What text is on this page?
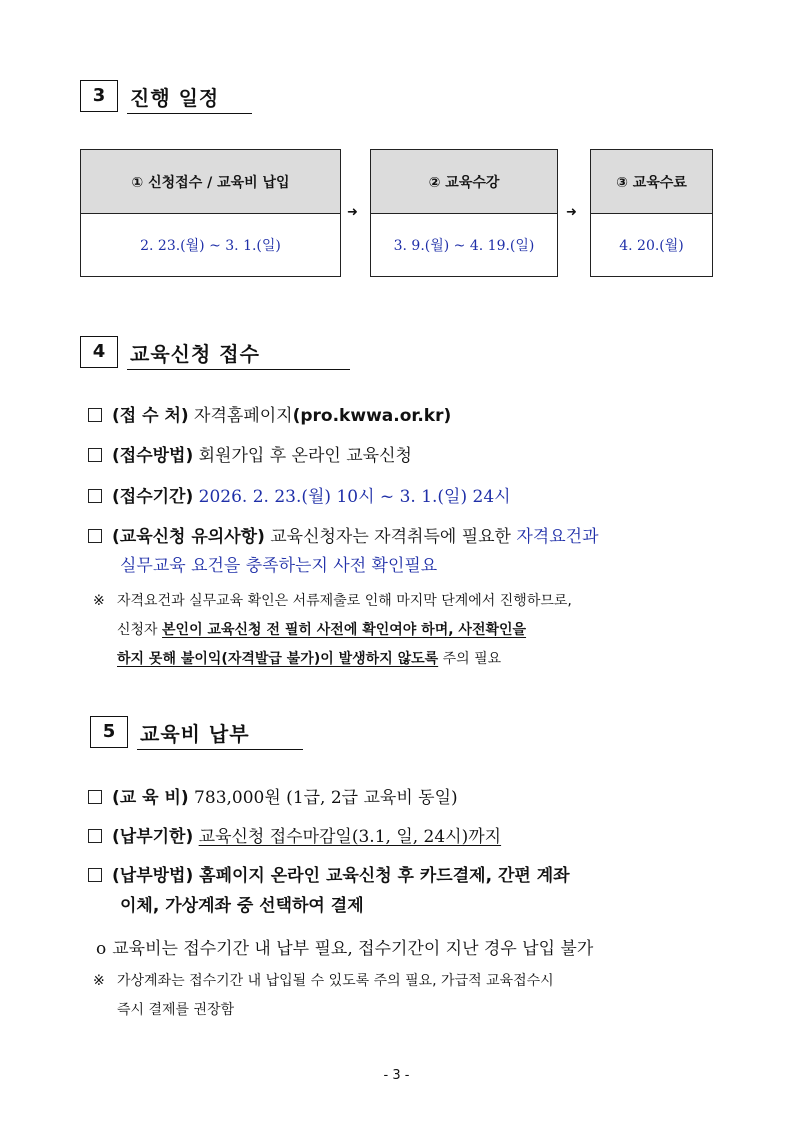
3	진행 일정
① 신청접수 / 교육비 납입
2. 23.(월) ~ 3. 1.(일)
➜
② 교육수강
3. 9.(월) ~ 4. 19.(일)
➜
③ 교육수료
4. 20.(월)
4	교육신청 접수
(접 수 처) 자격홈페이지(pro.kwwa.or.kr)
(접수방법) 회원가입 후 온라인 교육신청
(접수기간) 2026. 2. 23.(월) 10시 ~ 3. 1.(일) 24시
(교육신청 유의사항) 교육신청자는 자격취득에 필요한 자격요건과
실무교육 요건을 충족하는지 사전 확인필요
※ 자격요건과 실무교육 확인은 서류제출로 인해 마지막 단계에서 진행하므로,
신청자 본인이 교육신청 전 필히 사전에 확인여야 하며, 사전확인을
하지 못해 불이익(자격발급 불가)이 발생하지 않도록 주의 필요
5	교육비 납부
(교 육 비) 783,000원 (1급, 2급 교육비 동일)
(납부기한) 교육신청 접수마감일(3.1, 일, 24시)까지
(납부방법) 홈페이지 온라인 교육신청 후 카드결제, 간편 계좌
이체, 가상계좌 중 선택하여 결제
o 교육비는 접수기간 내 납부 필요, 접수기간이 지난 경우 납입 불가
※ 가상계좌는 접수기간 내 납입될 수 있도록 주의 필요, 가급적 교육접수시
즉시 결제를 권장함
- 3 -
